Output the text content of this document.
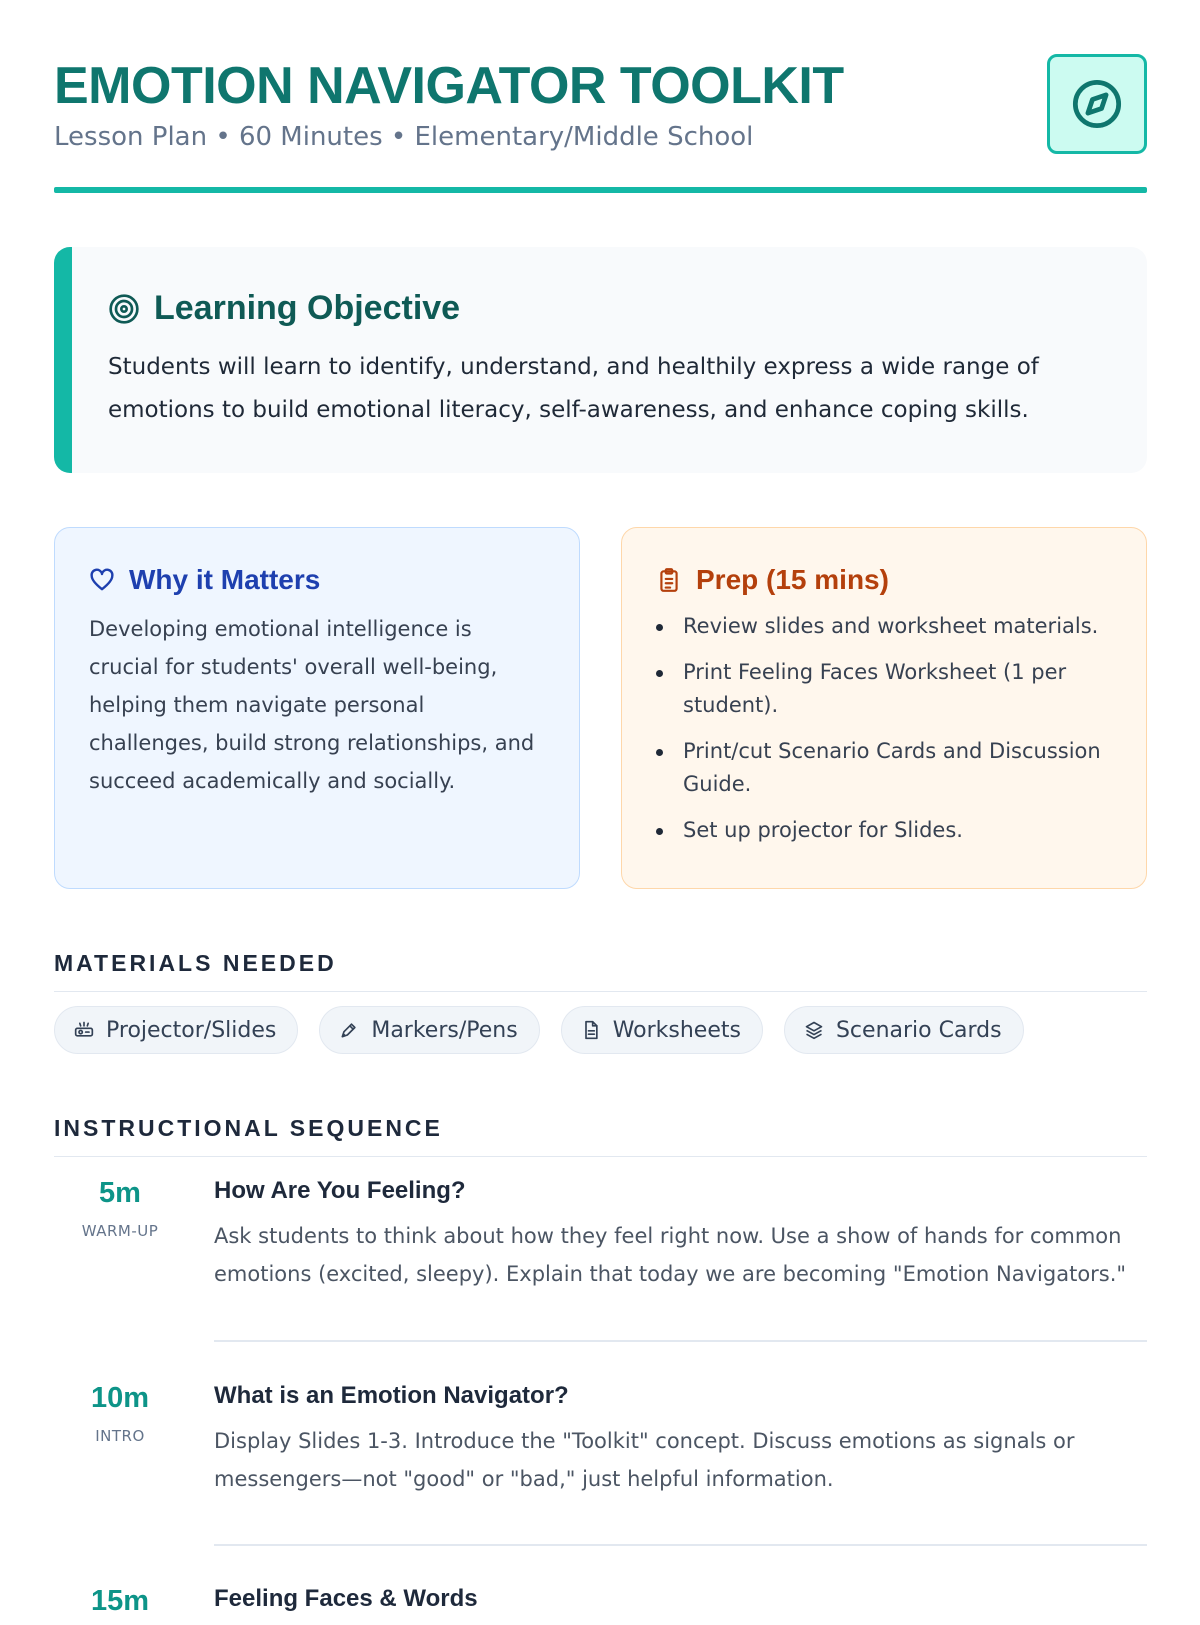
EMOTION NAVIGATOR TOOLKIT
Lesson Plan • 60 Minutes • Elementary/Middle School
Learning Objective
Students will learn to identify, understand, and healthily express a wide range of emotions to build emotional literacy, self-awareness, and enhance coping skills.
Why it Matters
Developing emotional intelligence is crucial for students' overall well-being, helping them navigate personal challenges, build strong relationships, and succeed academically and socially.
Prep (15 mins)
Review slides and worksheet materials.
Print Feeling Faces Worksheet (1 per student).
Print/cut Scenario Cards and Discussion Guide.
Set up projector for Slides.
MATERIALS NEEDED
Projector/Slides	Markers/Pens	Worksheets	Scenario Cards
INSTRUCTIONAL SEQUENCE
5m
WARM-UP
How Are You Feeling?
Ask students to think about how they feel right now. Use a show of hands for common emotions (excited, sleepy). Explain that today we are becoming "Emotion Navigators."
10m
INTRO
What is an Emotion Navigator?
Display Slides 1-3. Introduce the "Toolkit" concept. Discuss emotions as signals or messengers—not "good" or "bad," just helpful information.
15m	Feeling Faces & Words
